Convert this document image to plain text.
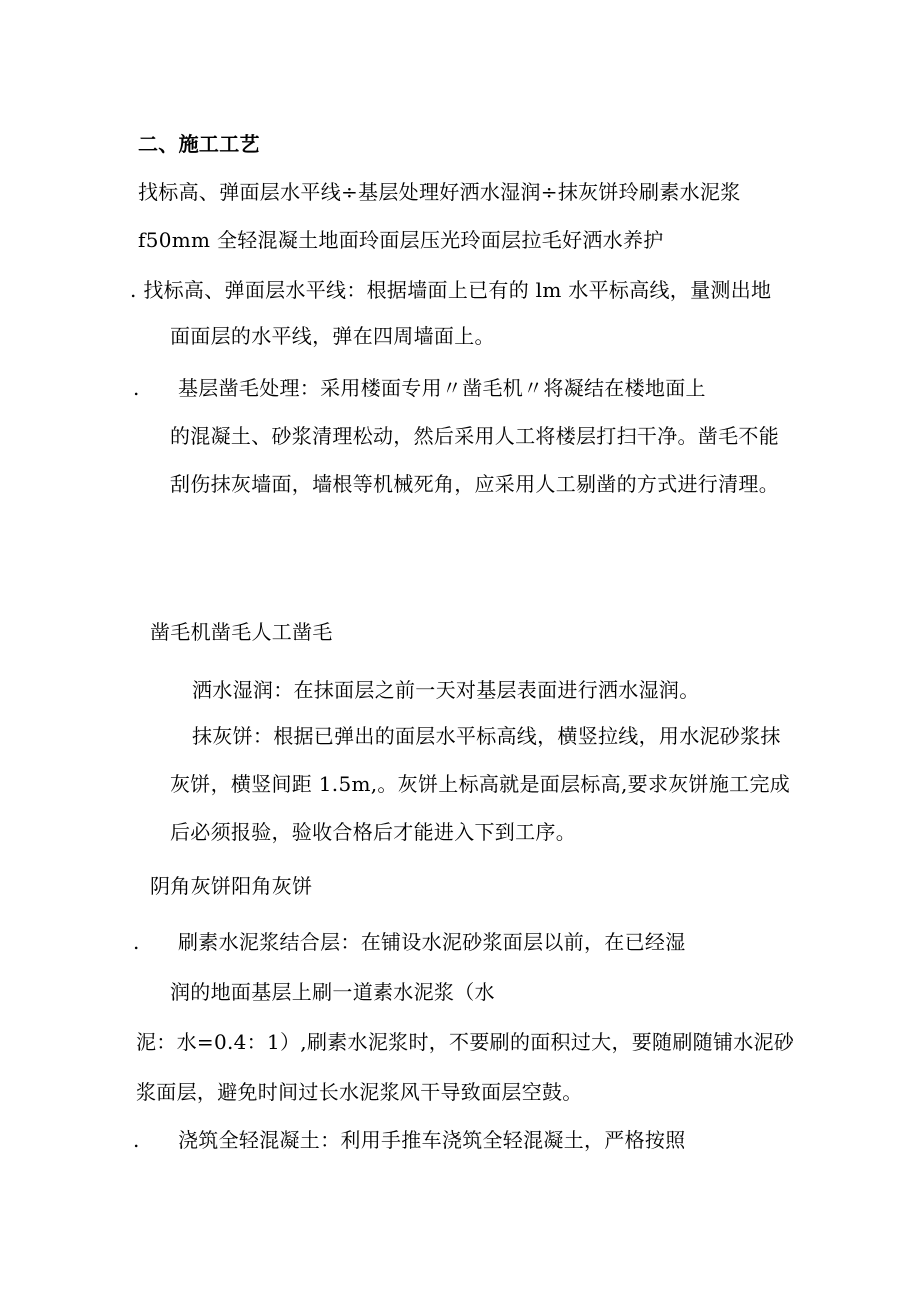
二、施工工艺
找标高、弹面层水平线÷基层处理好洒水湿润÷抹灰饼玲刷素水泥浆
f50mm 全轻混凝土地面玲面层压光玲面层拉毛好洒水养护
. 找标高、弹面层水平线：根据墙面上已有的 lm 水平标高线，量测出地
面面层的水平线，弹在四周墙面上。
. 基层凿毛处理：采用楼面专用〃凿毛机〃将凝结在楼地面上
的混凝土、砂浆清理松动，然后采用人工将楼层打扫干净。凿毛不能
刮伤抹灰墙面，墙根等机械死角，应采用人工剔凿的方式进行清理。
凿毛机凿毛人工凿毛
洒水湿润：在抹面层之前一天对基层表面进行洒水湿润。
抹灰饼：根据已弹出的面层水平标高线，横竖拉线，用水泥砂浆抹
灰饼，横竖间距 1.5m,。灰饼上标高就是面层标高,要求灰饼施工完成
后必须报验，验收合格后才能进入下到工序。
阴角灰饼阳角灰饼
. 刷素水泥浆结合层：在铺设水泥砂浆面层以前，在已经湿
润的地面基层上刷一道素水泥浆（水
泥：水=0.4：1）,刷素水泥浆时，不要刷的面积过大，要随刷随铺水泥砂
浆面层，避免时间过长水泥浆风干导致面层空鼓。
. 浇筑全轻混凝土：利用手推车浇筑全轻混凝土，严格按照
